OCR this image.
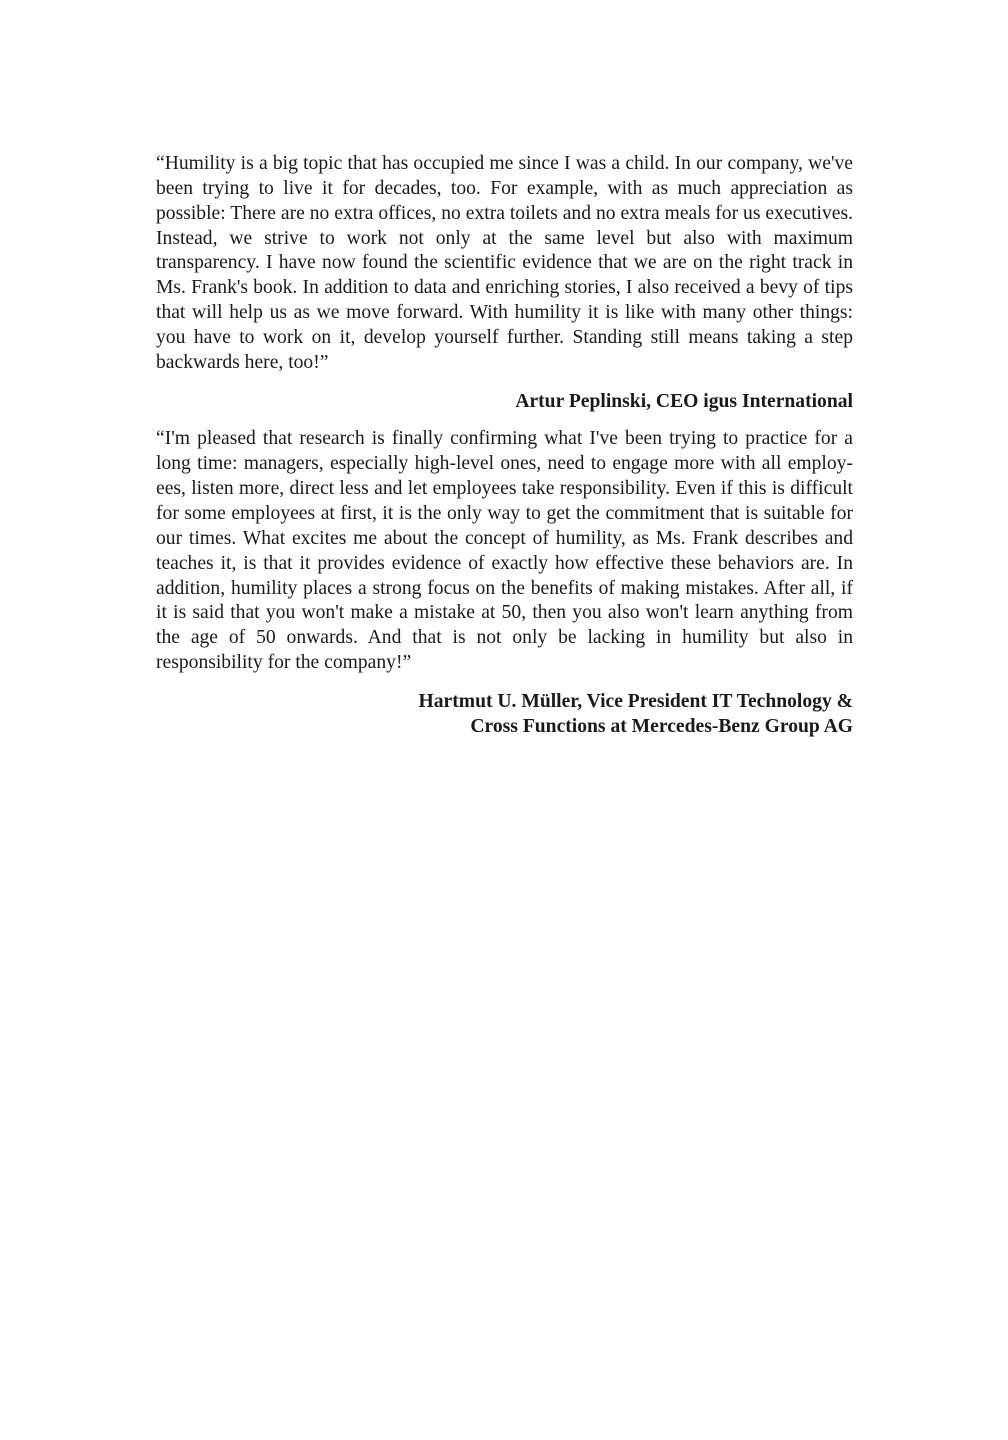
“Humility is a big topic that has occupied me since I was a child. In our company, we've been trying to live it for decades, too. For example, with as much appreciation as possible: There are no extra offices, no extra toilets and no extra meals for us executives. Instead, we strive to work not only at the same level but also with maximum transparency. I have now found the scientific evidence that we are on the right track in Ms. Frank's book. In addition to data and enriching stories, I also received a bevy of tips that will help us as we move forward. With humility it is like with many other things: you have to work on it, develop yourself further. Standing still means taking a step backwards here, too!”

Artur Peplinski, CEO igus International

“I'm pleased that research is finally confirming what I've been trying to practice for a long time: managers, especially high-level ones, need to engage more with all employees, listen more, direct less and let employees take responsibility. Even if this is difficult for some employees at first, it is the only way to get the commitment that is suitable for our times. What excites me about the concept of humility, as Ms. Frank describes and teaches it, is that it provides evidence of exactly how effective these behaviors are. In addition, humility places a strong focus on the benefits of making mistakes. After all, if it is said that you won't make a mistake at 50, then you also won't learn anything from the age of 50 onwards. And that is not only be lacking in humility but also in responsibility for the company!”

Hartmut U. Müller, Vice President IT Technology &
Cross Functions at Mercedes-Benz Group AG
